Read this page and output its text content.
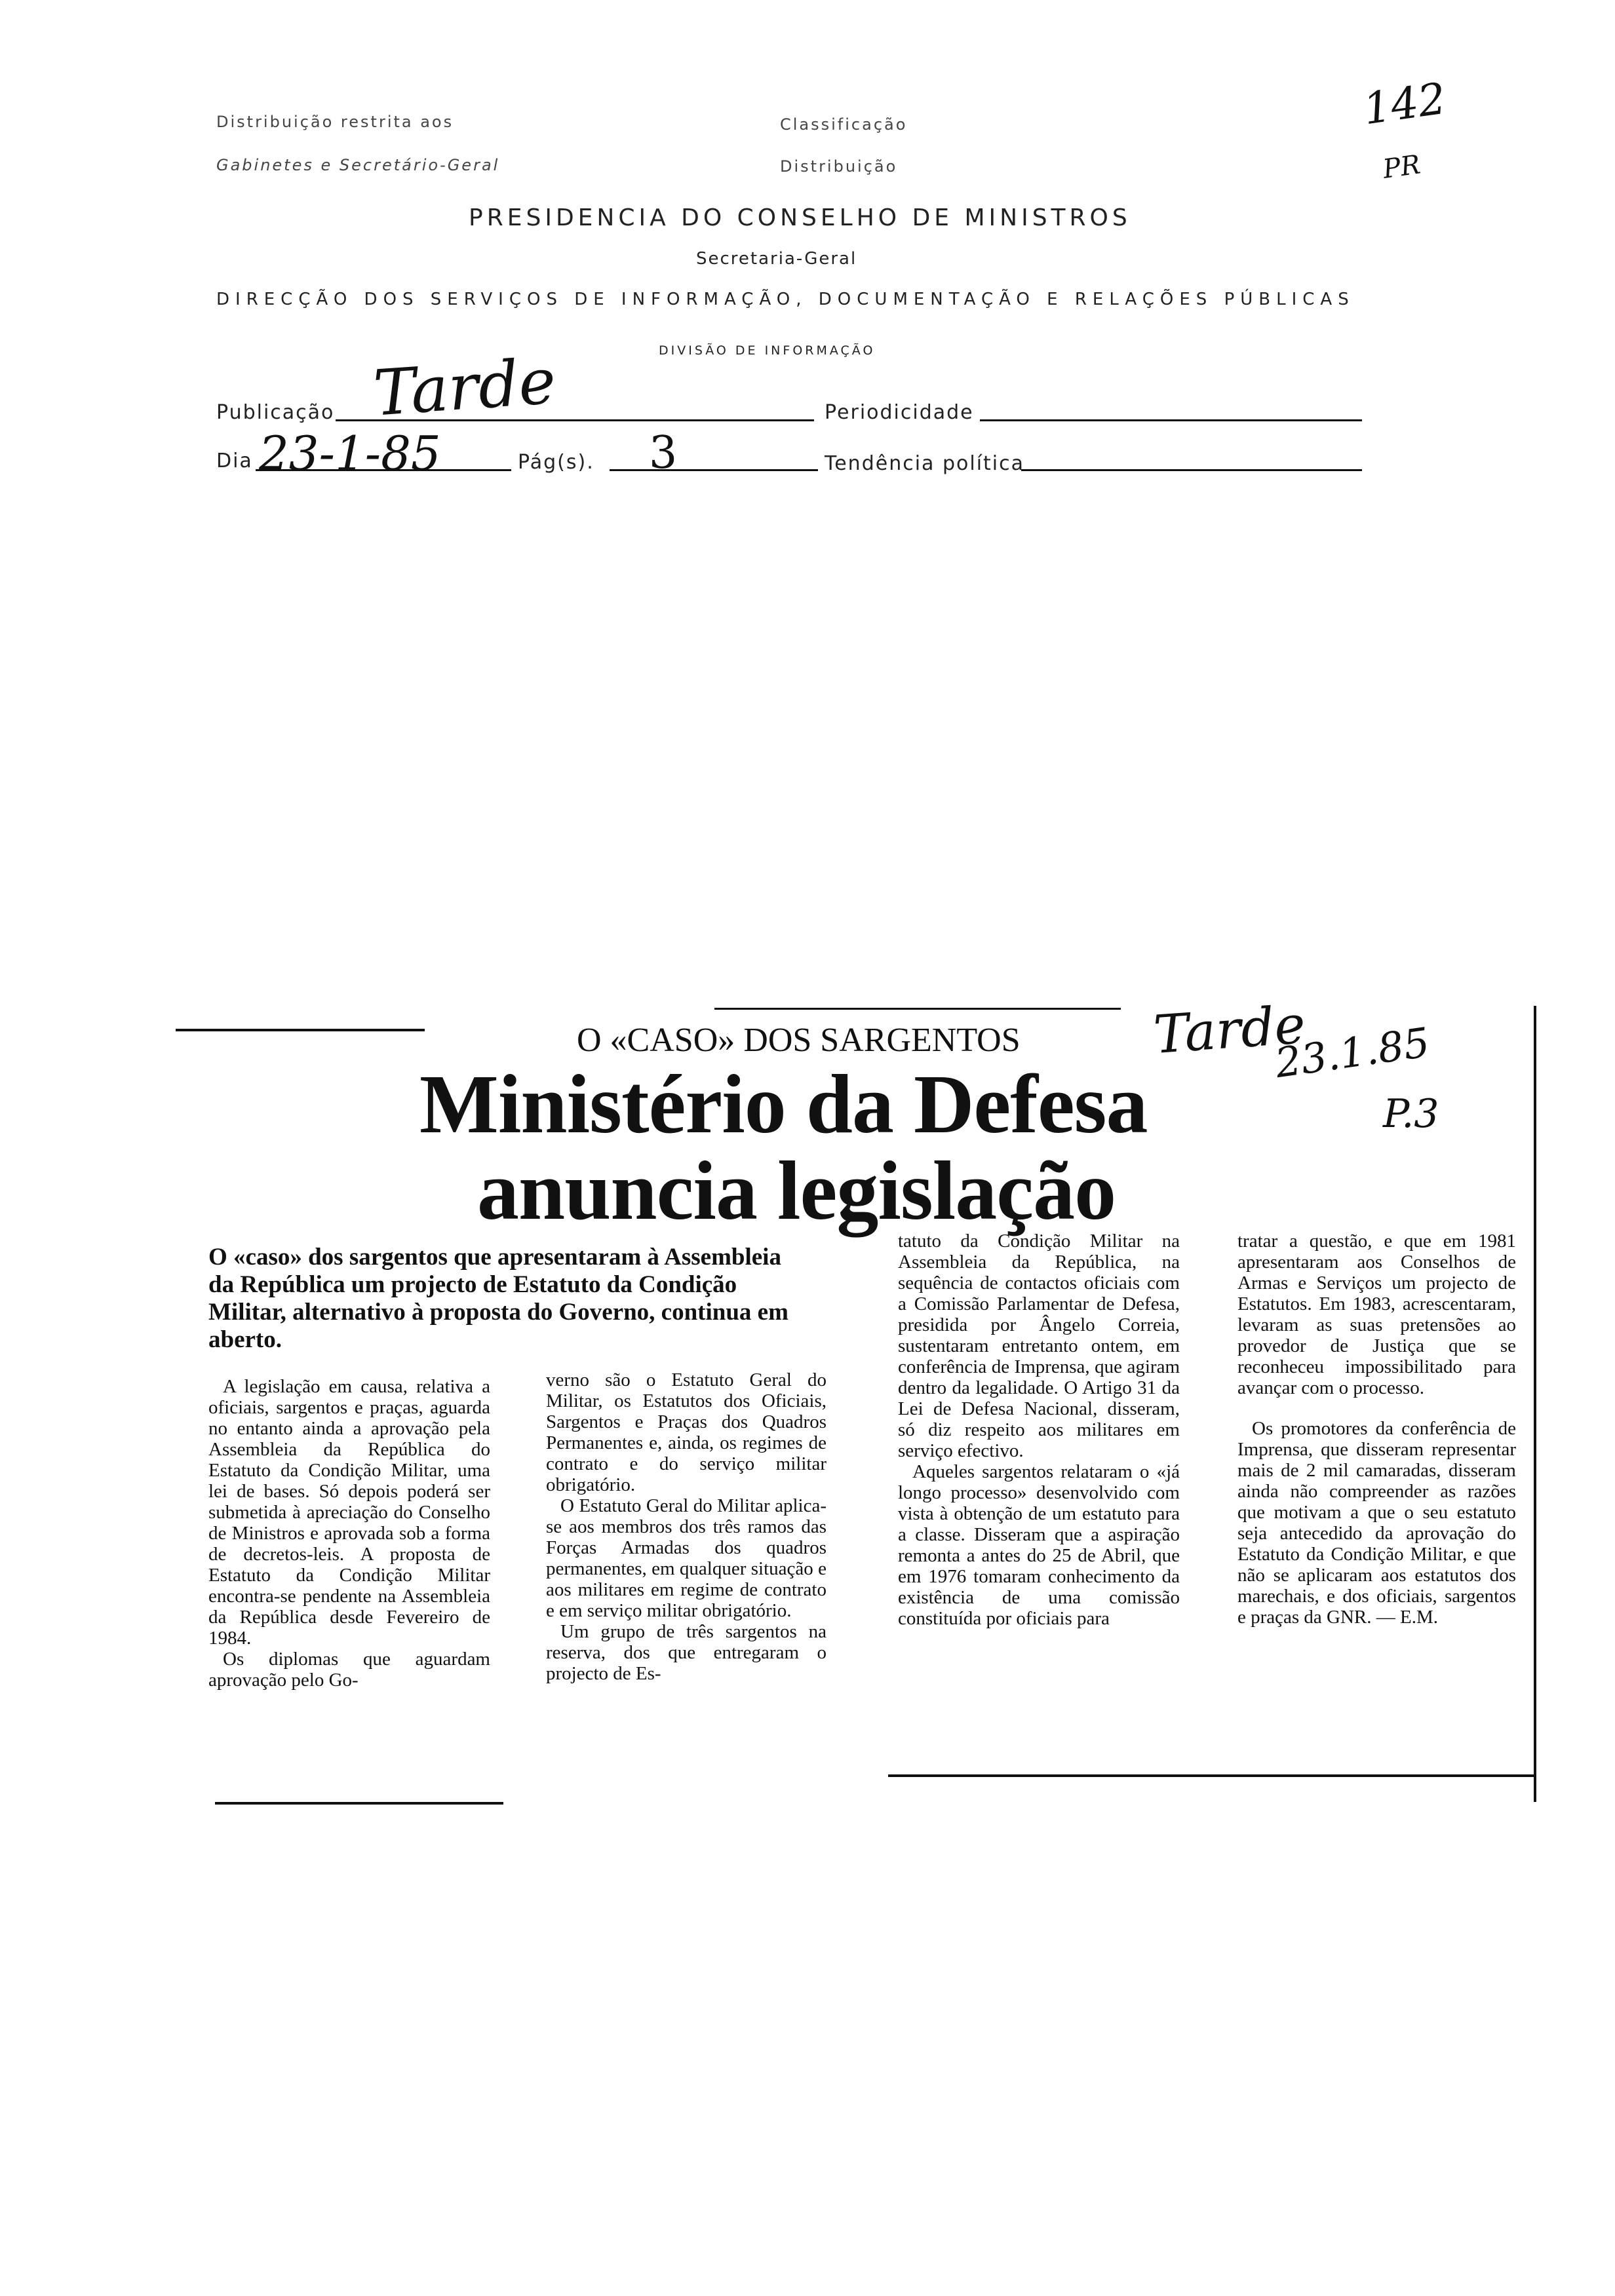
Distribuição restrita aos
Gabinetes e Secretário-Geral
Classificação
Distribuição
142
PR
PRESIDENCIA DO CONSELHO DE MINISTROS
Secretaria-Geral
DIRECÇÃO DOS SERVIÇOS DE INFORMAÇÃO, DOCUMENTAÇÃO E RELAÇÕES PÚBLICAS
DIVISÃO DE INFORMAÇÃO
Publicação Tarde	Periodicidade
Dia 23-1-85	Pág(s). 3	Tendência política
O «CASO» DOS SARGENTOS	Tarde
23.1.85
P.3
Ministério da Defesa
anuncia legislação
O «caso» dos sargentos que apresentaram à Assembleia da República um projecto de Estatuto da Condição Militar, alternativo à proposta do Governo, continua em aberto.

A legislação em causa, relativa a oficiais, sargentos e praças, aguarda no entanto ainda a aprovação pela Assembleia da República do Estatuto da Condição Militar, uma lei de bases. Só depois poderá ser submetida à apreciação do Conselho de Ministros e aprovada sob a forma de decretos-leis. A proposta de Estatuto da Condição Militar encontra-se pendente na Assembleia da República desde Fevereiro de 1984.

Os diplomas que aguardam aprovação pelo Go-

verno são o Estatuto Geral do Militar, os Estatutos dos Oficiais, Sargentos e Praças dos Quadros Permanentes e, ainda, os regimes de contrato e do serviço militar obrigatório.

O Estatuto Geral do Militar aplica-se aos membros dos três ramos das Forças Armadas dos quadros permanentes, em qualquer situação e aos militares em regime de contrato e em serviço militar obrigatório.

Um grupo de três sargentos na reserva, dos que entregaram o projecto de Es-

tatuto da Condição Militar na Assembleia da República, na sequência de contactos oficiais com a Comissão Parlamentar de Defesa, presidida por Ângelo Correia, sustentaram entretanto ontem, em conferência de Imprensa, que agiram dentro da legalidade. O Artigo 31 da Lei de Defesa Nacional, disseram, só diz respeito aos militares em serviço efectivo.

Aqueles sargentos relataram o «já longo processo» desenvolvido com vista à obtenção de um estatuto para a classe. Disseram que a aspiração remonta a antes do 25 de Abril, que em 1976 tomaram conhecimento da existência de uma comissão constituída por oficiais para

tratar a questão, e que em 1981 apresentaram aos Conselhos de Armas e Serviços um projecto de Estatutos. Em 1983, acrescentaram, levaram as suas pretensões ao provedor de Justiça que se reconheceu impossibilitado para avançar com o processo.

Os promotores da conferência de Imprensa, que disseram representar mais de 2 mil camaradas, disseram ainda não compreender as razões que motivam a que o seu estatuto seja antecedido da aprovação do Estatuto da Condição Militar, e que não se aplicaram aos estatutos dos marechais, e dos oficiais, sargentos e praças da GNR. — E.M.
